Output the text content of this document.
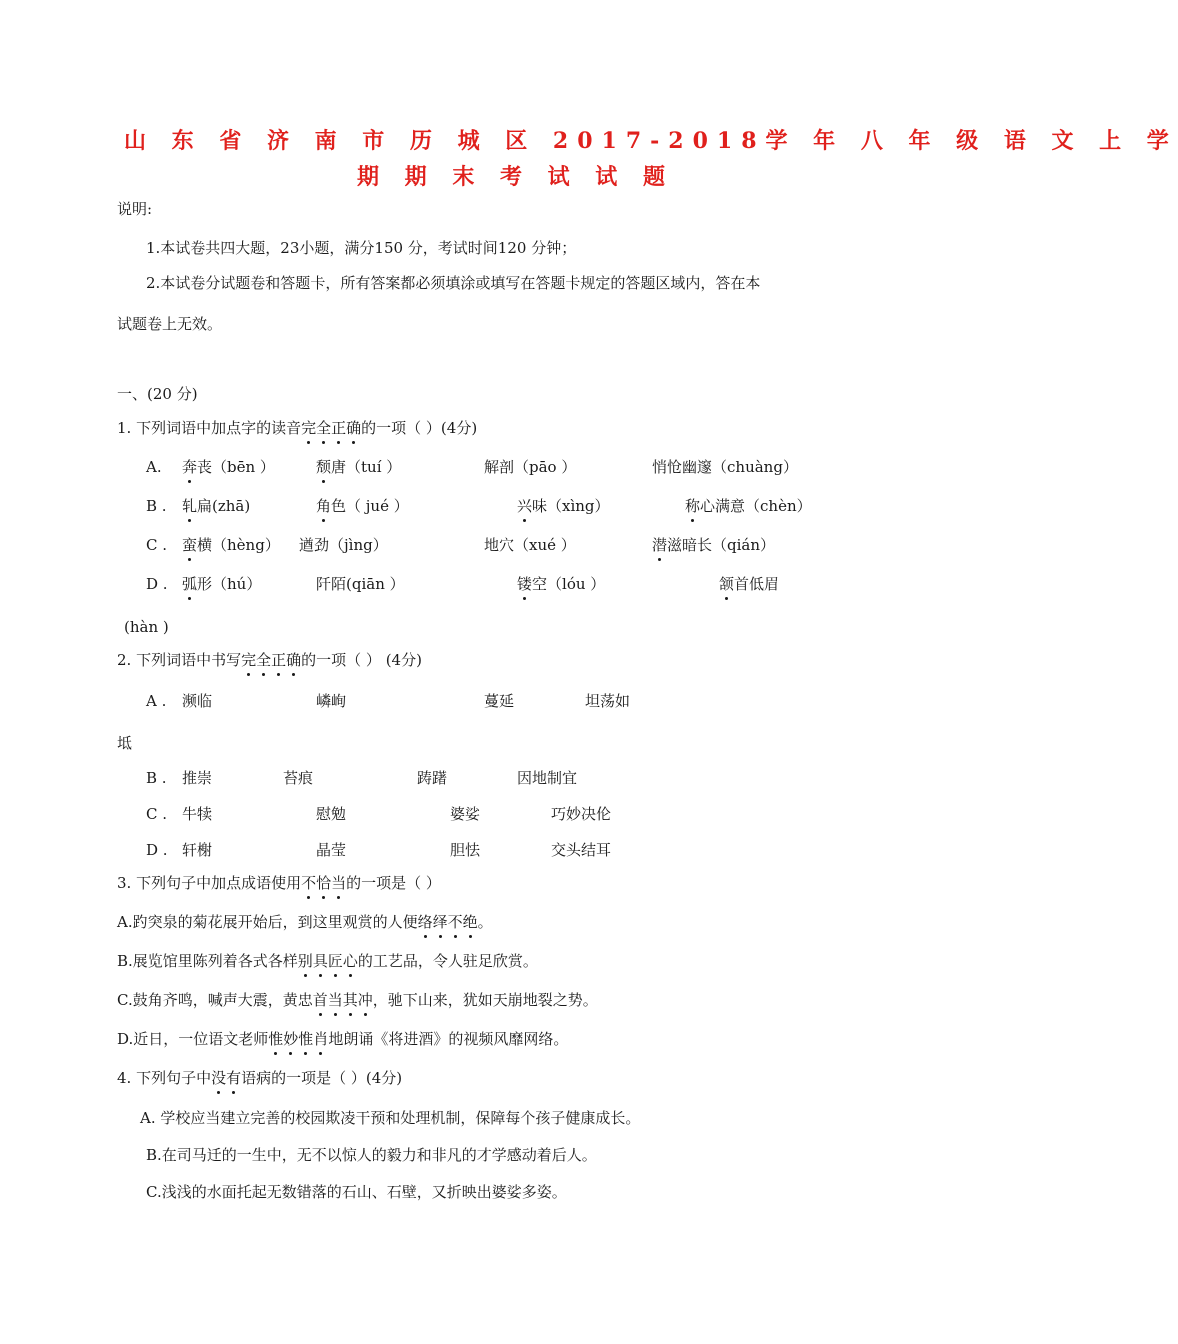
山 东 省 济 南 市 历 城 区 2017-2018学 年 八 年 级 语 文 上 学
期 期 末 考 试 试 题
说明:
1.本试卷共四大题，23小题，满分150 分，考试时间120 分钟；
2.本试卷分试题卷和答题卡，所有答案都必须填涂或填写在答题卡规定的答题区域内，答在本
试题卷上无效。
一、(20 分)
1. 下列词语中加点字的读音完全正确的一项（ ）(4分)
A. 奔丧（bēn ）	颓唐（tuí ）	解剖（pāo ）	悄怆幽邃（chuàng）
B . 轧扁(zhā)	角色（ jué ）	兴味（xìng）	称心满意（chèn）
C . 蛮横（hèng） 遒劲（jìng）	地穴（xué ）	潜滋暗长（qián）
D . 弧形（hú）	阡陌(qiān ）	镂空（lóu ）	颔首低眉
(hàn )
2. 下列词语中书写完全正确的一项（ ） (4分)
A . 濒临	嶙峋	蔓延	坦荡如
坻
B . 推崇	苔痕	踌躇	因地制宜
C . 牛犊	慰勉	婆娑	巧妙决伦
D . 轩榭	晶莹	胆怯	交头结耳
3. 下列句子中加点成语使用不恰当的一项是（ ）
A.趵突泉的菊花展开始后，到这里观赏的人便络绎不绝。
B.展览馆里陈列着各式各样别具匠心的工艺品，令人驻足欣赏。
C.鼓角齐鸣，喊声大震，黄忠首当其冲，驰下山来，犹如天崩地裂之势。
D.近日，一位语文老师惟妙惟肖地朗诵《将进酒》的视频风靡网络。
4. 下列句子中没有语病的一项是（ ）(4分)
A. 学校应当建立完善的校园欺凌干预和处理机制，保障每个孩子健康成长。
B.在司马迁的一生中，无不以惊人的毅力和非凡的才学感动着后人。
C.浅浅的水面托起无数错落的石山、石壁，又折映出婆娑多姿。
